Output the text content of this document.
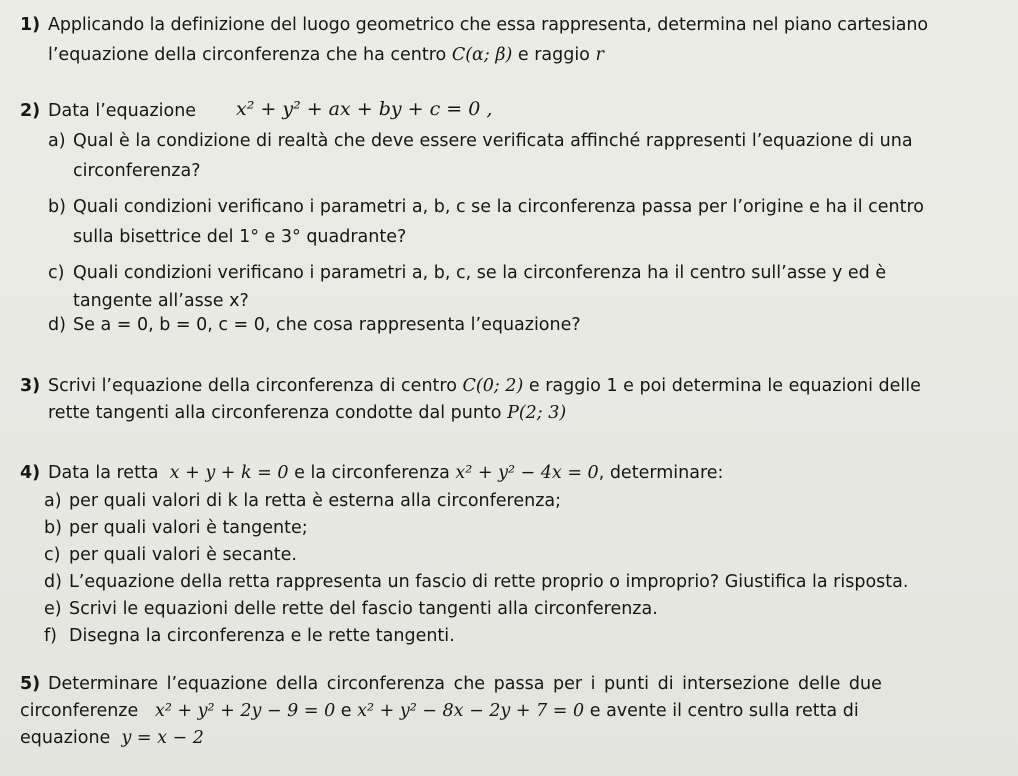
1) Applicando la definizione del luogo geometrico che essa rappresenta, determina nel piano cartesiano
l’equazione della circonferenza che ha centro C(α; β) e raggio r
2) Data l’equazione x² + y² + ax + by + c = 0 ,
a) Qual è la condizione di realtà che deve essere verificata affinché rappresenti l’equazione di una
circonferenza?
b) Quali condizioni verificano i parametri a, b, c se la circonferenza passa per l’origine e ha il centro
sulla bisettrice del 1° e 3° quadrante?
c) Quali condizioni verificano i parametri a, b, c, se la circonferenza ha il centro sull’asse y ed è
tangente all’asse x?
d) Se a = 0, b = 0, c = 0, che cosa rappresenta l’equazione?
3) Scrivi l’equazione della circonferenza di centro C(0; 2) e raggio 1 e poi determina le equazioni delle
rette tangenti alla circonferenza condotte dal punto P(2; 3)
4) Data la retta x + y + k = 0 e la circonferenza x² + y² − 4x = 0, determinare:
a) per quali valori di k la retta è esterna alla circonferenza;
b) per quali valori è tangente;
c) per quali valori è secante.
d) L’equazione della retta rappresenta un fascio di rette proprio o improprio? Giustifica la risposta.
e) Scrivi le equazioni delle rette del fascio tangenti alla circonferenza.
f) Disegna la circonferenza e le rette tangenti.
5) Determinare l’equazione della circonferenza che passa per i punti di intersezione delle due
circonferenze x² + y² + 2y − 9 = 0 e x² + y² − 8x − 2y + 7 = 0 e avente il centro sulla retta di
equazione y = x − 2
